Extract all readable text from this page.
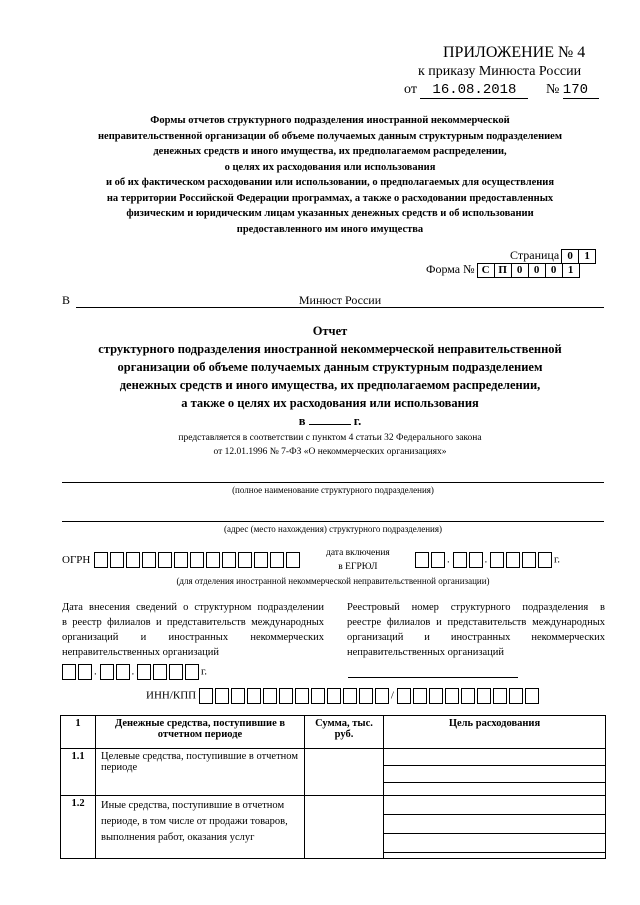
ПРИЛОЖЕНИЕ № 4
к приказу Минюста России
от 16.08.2018 № 170
Формы отчетов структурного подразделения иностранной некоммерческой
неправительственной организации об объеме получаемых данным структурным подразделением
денежных средств и иного имущества, их предполагаемом распределении,
о целях их расходования или использования
и об их фактическом расходовании или использовании, о предполагаемых для осуществления
на территории Российской Федерации программах, а также о расходовании предоставленных
физическим и юридическим лицам указанных денежных средств и об использовании
предоставленного им иного имущества
Страница 0 1
Форма № С П 0 0 0 1
В	Минюст России
Отчет
структурного подразделения иностранной некоммерческой неправительственной
организации об объеме получаемых данным структурным подразделением
денежных средств и иного имущества, их предполагаемом распределении,
а также о целях их расходования или использования
в	г.
представляется в соответствии с пунктом 4 статьи 32 Федерального закона
от 12.01.1996 № 7-ФЗ «О некоммерческих организациях»
(полное наименование структурного подразделения)
(адрес (место нахождения) структурного подразделения)
ОГРН
дата включения
в ЕГРЮЛ
.	.	г.
(для отделения иностранной некоммерческой неправительственной организации)
Дата внесения сведений о структурном подразделении
в реестр филиалов и представительств международных
организаций и иностранных некоммерческих
неправительственных организаций
Реестровый номер структурного подразделения в
реестре филиалов и представительств международных
организаций и иностранных некоммерческих
неправительственных организаций
.	.	г.
ИНН/КПП	/
1	Денежные средства, поступившие в отчетном периоде	Сумма, тыс. руб.	Цель расходования
1.1	Целевые средства, поступившие в отчетном периоде		

1.2	Иные средства, поступившие в отчетном периоде, в том числе от продажи товаров, выполнения работ, оказания услуг		
